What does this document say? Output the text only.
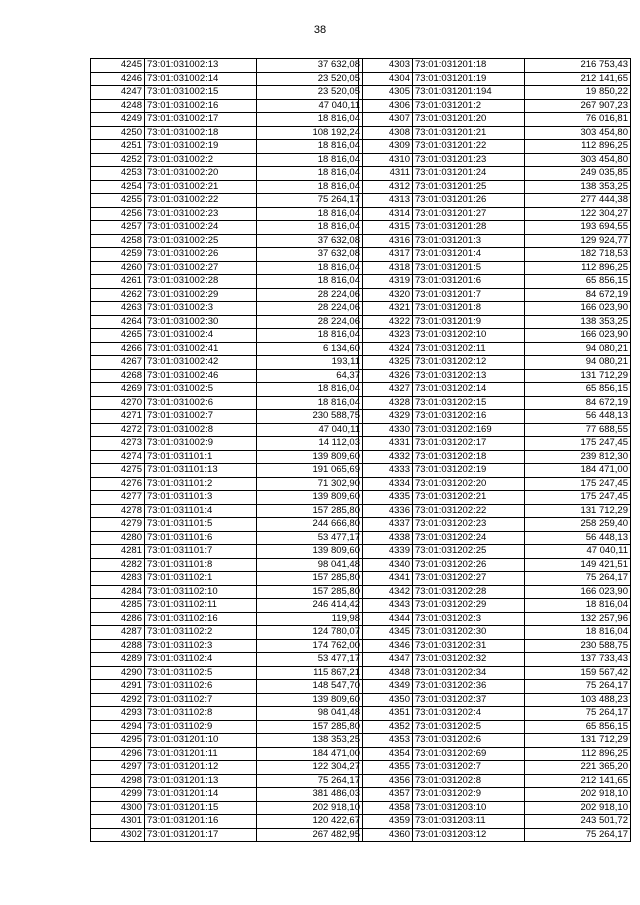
38
4245	73:01:031002:13	37 632,08
4246	73:01:031002:14	23 520,05
4247	73:01:031002:15	23 520,05
4248	73:01:031002:16	47 040,11
4249	73:01:031002:17	18 816,04
4250	73:01:031002:18	108 192,24
4251	73:01:031002:19	18 816,04
4252	73:01:031002:2	18 816,04
4253	73:01:031002:20	18 816,04
4254	73:01:031002:21	18 816,04
4255	73:01:031002:22	75 264,17
4256	73:01:031002:23	18 816,04
4257	73:01:031002:24	18 816,04
4258	73:01:031002:25	37 632,08
4259	73:01:031002:26	37 632,08
4260	73:01:031002:27	18 816,04
4261	73:01:031002:28	18 816,04
4262	73:01:031002:29	28 224,06
4263	73:01:031002:3	28 224,06
4264	73:01:031002:30	28 224,06
4265	73:01:031002:4	18 816,04
4266	73:01:031002:41	6 134,60
4267	73:01:031002:42	193,11
4268	73:01:031002:46	64,37
4269	73:01:031002:5	18 816,04
4270	73:01:031002:6	18 816,04
4271	73:01:031002:7	230 588,75
4272	73:01:031002:8	47 040,11
4273	73:01:031002:9	14 112,03
4274	73:01:031101:1	139 809,60
4275	73:01:031101:13	191 065,69
4276	73:01:031101:2	71 302,90
4277	73:01:031101:3	139 809,60
4278	73:01:031101:4	157 285,80
4279	73:01:031101:5	244 666,80
4280	73:01:031101:6	53 477,17
4281	73:01:031101:7	139 809,60
4282	73:01:031101:8	98 041,48
4283	73:01:031102:1	157 285,80
4284	73:01:031102:10	157 285,80
4285	73:01:031102:11	246 414,42
4286	73:01:031102:16	119,98
4287	73:01:031102:2	124 780,07
4288	73:01:031102:3	174 762,00
4289	73:01:031102:4	53 477,17
4290	73:01:031102:5	115 867,21
4291	73:01:031102:6	148 547,70
4292	73:01:031102:7	139 809,60
4293	73:01:031102:8	98 041,48
4294	73:01:031102:9	157 285,80
4295	73:01:031201:10	138 353,25
4296	73:01:031201:11	184 471,00
4297	73:01:031201:12	122 304,27
4298	73:01:031201:13	75 264,17
4299	73:01:031201:14	381 486,03
4300	73:01:031201:15	202 918,10
4301	73:01:031201:16	120 422,67
4302	73:01:031201:17	267 482,95
4303	73:01:031201:18	216 753,43
4304	73:01:031201:19	212 141,65
4305	73:01:031201:194	19 850,22
4306	73:01:031201:2	267 907,23
4307	73:01:031201:20	76 016,81
4308	73:01:031201:21	303 454,80
4309	73:01:031201:22	112 896,25
4310	73:01:031201:23	303 454,80
4311	73:01:031201:24	249 035,85
4312	73:01:031201:25	138 353,25
4313	73:01:031201:26	277 444,38
4314	73:01:031201:27	122 304,27
4315	73:01:031201:28	193 694,55
4316	73:01:031201:3	129 924,77
4317	73:01:031201:4	182 718,53
4318	73:01:031201:5	112 896,25
4319	73:01:031201:6	65 856,15
4320	73:01:031201:7	84 672,19
4321	73:01:031201:8	166 023,90
4322	73:01:031201:9	138 353,25
4323	73:01:031202:10	166 023,90
4324	73:01:031202:11	94 080,21
4325	73:01:031202:12	94 080,21
4326	73:01:031202:13	131 712,29
4327	73:01:031202:14	65 856,15
4328	73:01:031202:15	84 672,19
4329	73:01:031202:16	56 448,13
4330	73:01:031202:169	77 688,55
4331	73:01:031202:17	175 247,45
4332	73:01:031202:18	239 812,30
4333	73:01:031202:19	184 471,00
4334	73:01:031202:20	175 247,45
4335	73:01:031202:21	175 247,45
4336	73:01:031202:22	131 712,29
4337	73:01:031202:23	258 259,40
4338	73:01:031202:24	56 448,13
4339	73:01:031202:25	47 040,11
4340	73:01:031202:26	149 421,51
4341	73:01:031202:27	75 264,17
4342	73:01:031202:28	166 023,90
4343	73:01:031202:29	18 816,04
4344	73:01:031202:3	132 257,96
4345	73:01:031202:30	18 816,04
4346	73:01:031202:31	230 588,75
4347	73:01:031202:32	137 733,43
4348	73:01:031202:34	159 567,42
4349	73:01:031202:36	75 264,17
4350	73:01:031202:37	103 488,23
4351	73:01:031202:4	75 264,17
4352	73:01:031202:5	65 856,15
4353	73:01:031202:6	131 712,29
4354	73:01:031202:69	112 896,25
4355	73:01:031202:7	221 365,20
4356	73:01:031202:8	212 141,65
4357	73:01:031202:9	202 918,10
4358	73:01:031203:10	202 918,10
4359	73:01:031203:11	243 501,72
4360	73:01:031203:12	75 264,17
